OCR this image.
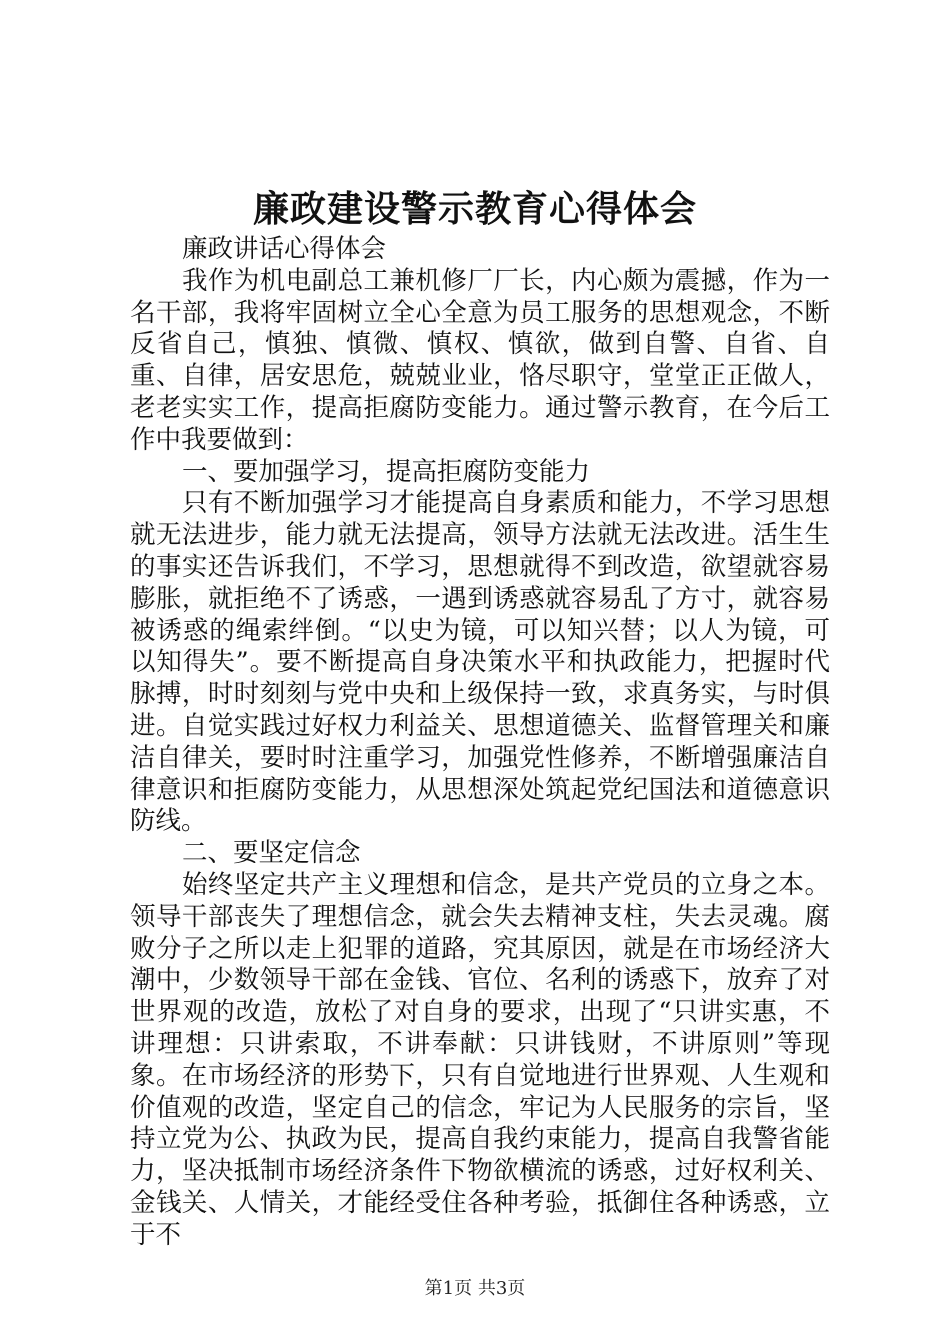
廉政建设警示教育心得体会

廉政讲话心得体会

我作为机电副总工兼机修厂厂长，内心颇为震撼，作为一名干部，我将牢固树立全心全意为员工服务的思想观念，不断反省自己，慎独、慎微、慎权、慎欲，做到自警、自省、自重、自律，居安思危，兢兢业业，恪尽职守，堂堂正正做人，老老实实工作，提高拒腐防变能力。通过警示教育，在今后工作中我要做到：

一、要加强学习，提高拒腐防变能力

只有不断加强学习才能提高自身素质和能力，不学习思想就无法进步，能力就无法提高，领导方法就无法改进。活生生的事实还告诉我们，不学习，思想就得不到改造，欲望就容易膨胀，就拒绝不了诱惑，一遇到诱惑就容易乱了方寸，就容易被诱惑的绳索绊倒。“以史为镜，可以知兴替；以人为镜，可以知得失”。要不断提高自身决策水平和执政能力，把握时代脉搏，时时刻刻与党中央和上级保持一致，求真务实，与时俱进。自觉实践过好权力利益关、思想道德关、监督管理关和廉洁自律关，要时时注重学习，加强党性修养，不断增强廉洁自律意识和拒腐防变能力，从思想深处筑起党纪国法和道德意识防线。

二、要坚定信念

始终坚定共产主义理想和信念，是共产党员的立身之本。领导干部丧失了理想信念，就会失去精神支柱，失去灵魂。腐败分子之所以走上犯罪的道路，究其原因，就是在市场经济大潮中，少数领导干部在金钱、官位、名利的诱惑下，放弃了对世界观的改造，放松了对自身的要求，出现了“只讲实惠，不讲理想：只讲索取，不讲奉献：只讲钱财，不讲原则”等现象。在市场经济的形势下，只有自觉地进行世界观、人生观和价值观的改造，坚定自己的信念，牢记为人民服务的宗旨，坚持立党为公、执政为民，提高自我约束能力，提高自我警省能力，坚决抵制市场经济条件下物欲横流的诱惑，过好权利关、金钱关、人情关，才能经受住各种考验，抵御住各种诱惑，立于不

第1页 共3页
